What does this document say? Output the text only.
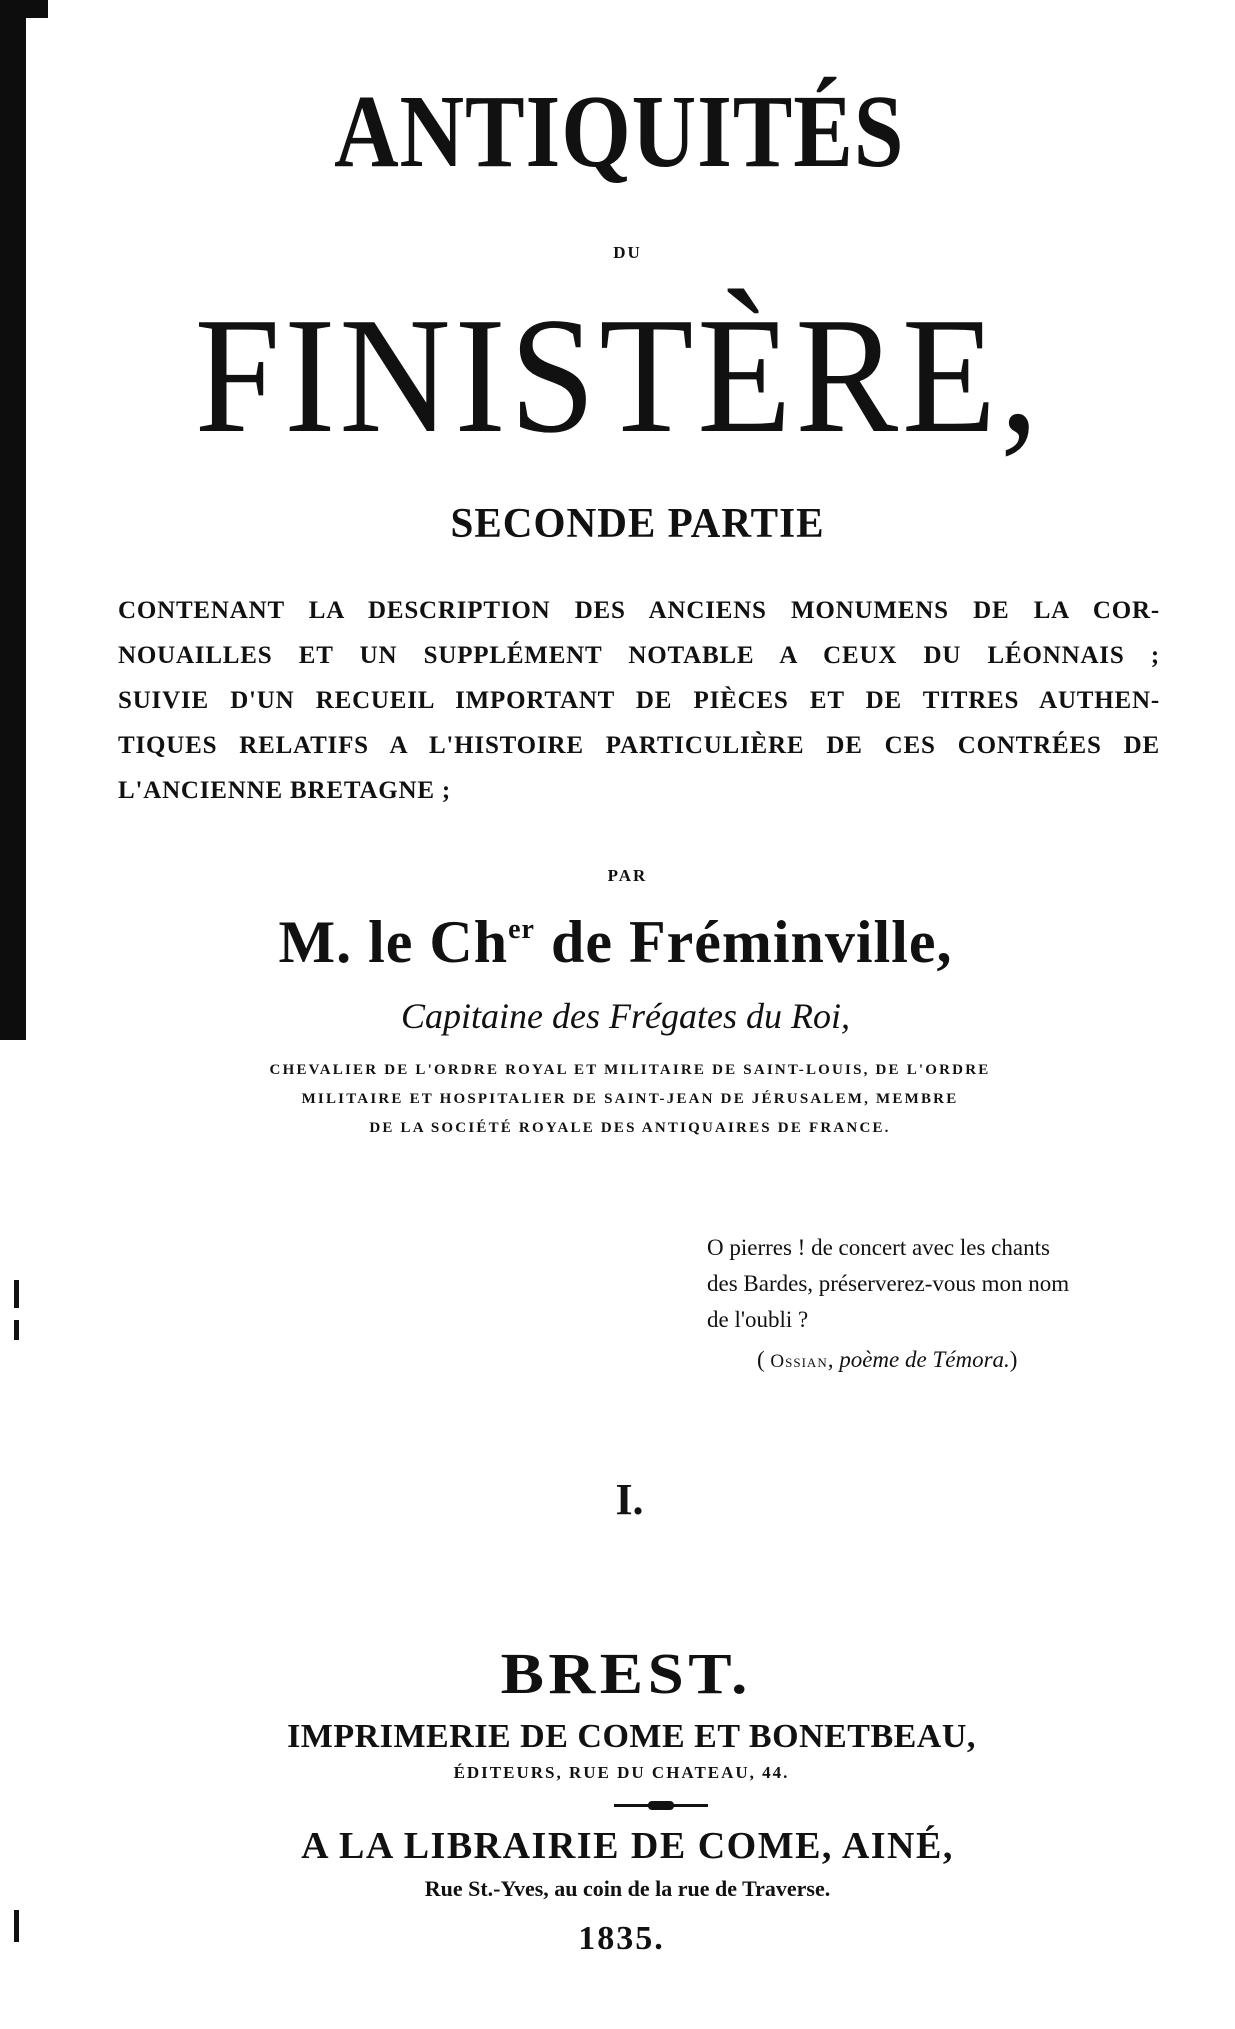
ANTIQUITÉS
DU
FINISTÈRE,
SECONDE PARTIE
CONTENANT LA DESCRIPTION DES ANCIENS MONUMENS DE LA COR-
NOUAILLES ET UN SUPPLÉMENT NOTABLE A CEUX DU LÉONNAIS ;
SUIVIE D'UN RECUEIL IMPORTANT DE PIÈCES ET DE TITRES AUTHEN-
TIQUES RELATIFS A L'HISTOIRE PARTICULIÈRE DE CES CONTRÉES DE
L'ANCIENNE BRETAGNE ;
PAR
M. le $Ch^{er}$ de Fréminville,
Capitaine des Frégates du Roi,
CHEVALIER DE L'ORDRE ROYAL ET MILITAIRE DE SAINT-LOUIS, DE L'ORDRE
MILITAIRE ET HOSPITALIER DE SAINT-JEAN DE JÉRUSALEM, MEMBRE
DE LA SOCIÉTÉ ROYALE DES ANTIQUAIRES DE FRANCE.
O pierres ! de concert avec les chants
des Bardes, préserverez-vous mon nom
de l'oubli ?
( Ossian, poème de Témora.)
I.
BREST.
IMPRIMERIE DE COME ET BONETBEAU,
ÉDITEURS, RUE DU CHATEAU, 44.
A LA LIBRAIRIE DE COME, AINÉ,
Rue St.-Yves, au coin de la rue de Traverse.
1835.
